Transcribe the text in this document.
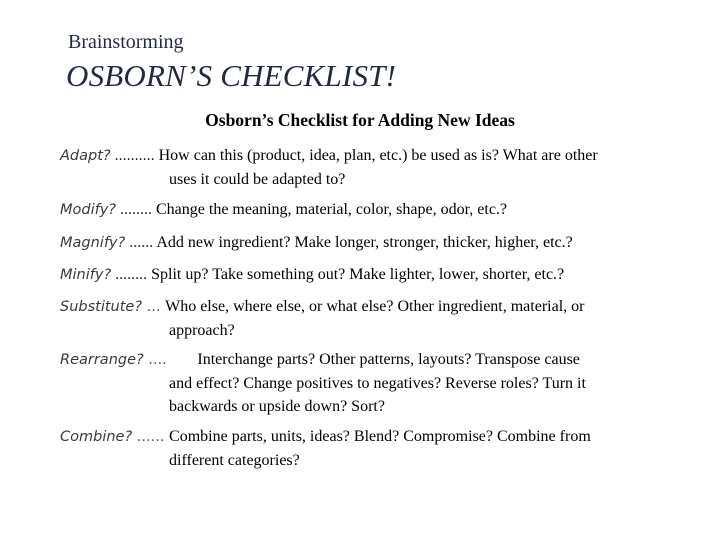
Brainstorming
OSBORN’S CHECKLIST!
Osborn’s Checklist for Adding New Ideas
Adapt? .......... How can this (product, idea, plan, etc.) be used as is? What are other
uses it could be adapted to?
Modify? ........ Change the meaning, material, color, shape, odor, etc.?
Magnify? ...... Add new ingredient? Make longer, stronger, thicker, higher, etc.?
Minify? ........ Split up? Take something out? Make lighter, lower, shorter, etc.?
Substitute? ... Who else, where else, or what else? Other ingredient, material, or
approach?
Rearrange? .... Interchange parts? Other patterns, layouts? Transpose cause
and effect? Change positives to negatives? Reverse roles? Turn it
backwards or upside down? Sort?
Combine? ...... Combine parts, units, ideas? Blend? Compromise? Combine from
different categories?
